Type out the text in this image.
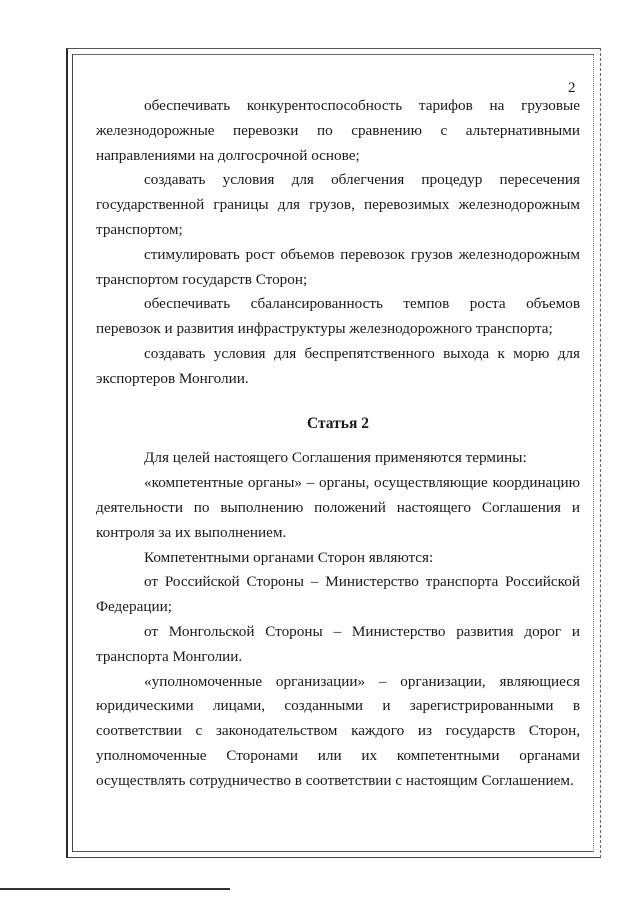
2

обеспечивать конкурентоспособность тарифов на грузовые железнодорожные перевозки по сравнению с альтернативными направлениями на долгосрочной основе;

создавать условия для облегчения процедур пересечения государственной границы для грузов, перевозимых железнодорожным транспортом;

стимулировать рост объемов перевозок грузов железнодорожным транспортом государств Сторон;

обеспечивать сбалансированность темпов роста объемов перевозок и развития инфраструктуры железнодорожного транспорта;

создавать условия для беспрепятственного выхода к морю для экспортеров Монголии.

Статья 2

Для целей настоящего Соглашения применяются термины:

«компетентные органы» – органы, осуществляющие координацию деятельности по выполнению положений настоящего Соглашения и контроля за их выполнением.

Компетентными органами Сторон являются:

от Российской Стороны – Министерство транспорта Российской Федерации;

от Монгольской Стороны – Министерство развития дорог и транспорта Монголии.

«уполномоченные организации» – организации, являющиеся юридическими лицами, созданными и зарегистрированными в соответствии с законодательством каждого из государств Сторон, уполномоченные Сторонами или их компетентными органами осуществлять сотрудничество в соответствии с настоящим Соглашением.
